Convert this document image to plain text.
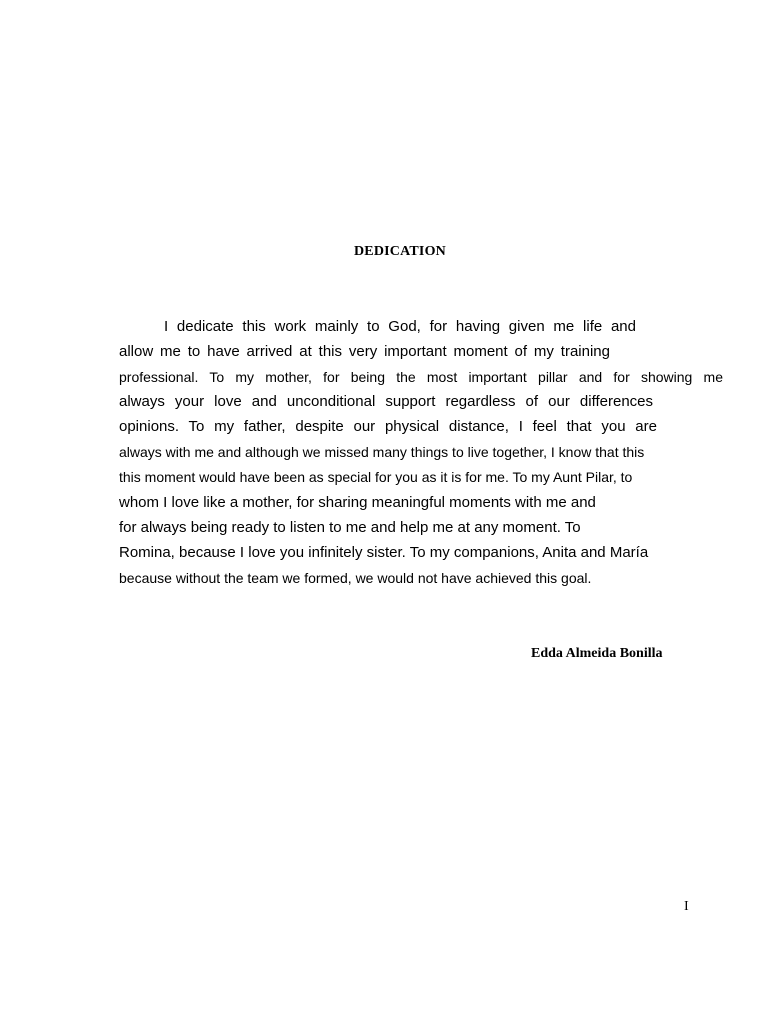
DEDICATION
I dedicate this work mainly to God, for having given me life and
allow me to have arrived at this very important moment of my training
professional. To my mother, for being the most important pillar and for showing me
always your love and unconditional support regardless of our differences
opinions. To my father, despite our physical distance, I feel that you are
always with me and although we missed many things to live together, I know that this
this moment would have been as special for you as it is for me. To my Aunt Pilar, to
whom I love like a mother, for sharing meaningful moments with me and
for always being ready to listen to me and help me at any moment. To
Romina, because I love you infinitely sister. To my companions, Anita and María
because without the team we formed, we would not have achieved this goal.
Edda Almeida Bonilla
I
